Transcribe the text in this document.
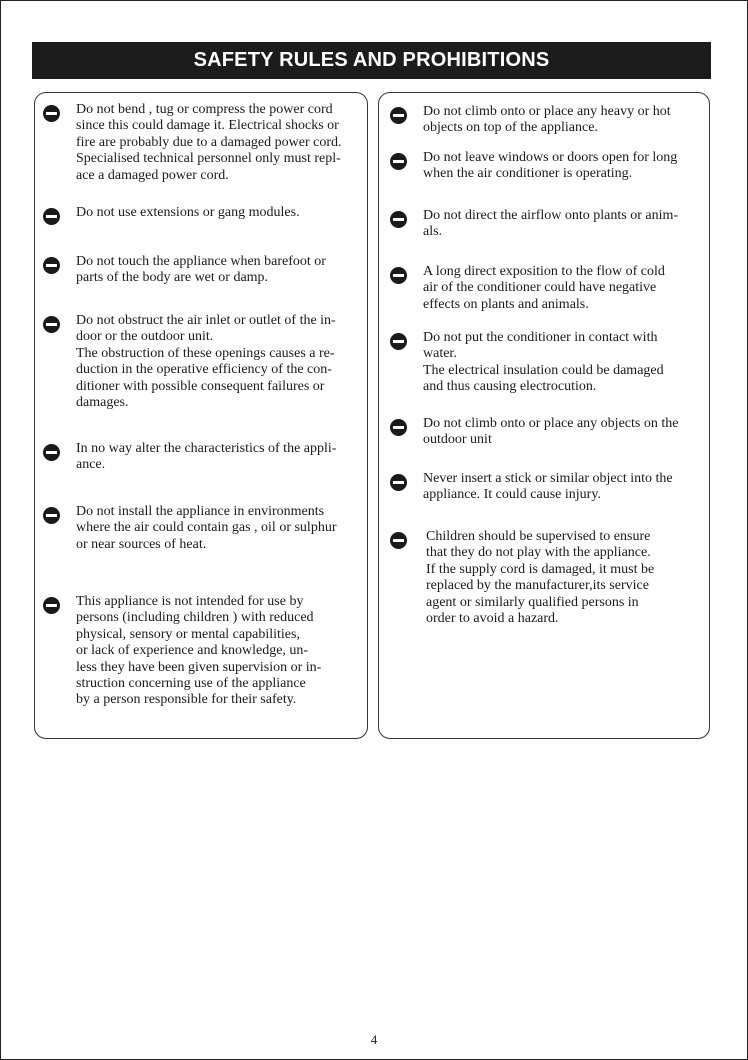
SAFETY RULES AND PROHIBITIONS
Do not bend , tug or compress the power cord
since this could damage it. Electrical shocks or
fire are probably due to a damaged power cord.
Specialised technical personnel only must repl-
ace a damaged power cord.
Do not use extensions or gang modules.
Do not touch the appliance when barefoot or
parts of the body are wet or damp.
Do not obstruct the air inlet or outlet of the in-
door or the outdoor unit.
The obstruction of these openings causes a re-
duction in the operative efficiency of the con-
ditioner with possible consequent failures or
damages.
In no way alter the characteristics of the appli-
ance.
Do not install the appliance in environments
where the air could contain gas , oil or sulphur
or near sources of heat.
This appliance is not intended for use by
persons (including children ) with reduced
physical, sensory or mental capabilities,
or lack of experience and knowledge, un-
less they have been given supervision or in-
struction concerning use of the appliance
by a person responsible for their safety.
Do not climb onto or place any heavy or hot
objects on top of the appliance.
Do not leave windows or doors open for long
when the air conditioner is operating.
Do not direct the airflow onto plants or anim-
als.
A long direct exposition to the flow of cold
air of the conditioner could have negative
effects on plants and animals.
Do not put the conditioner in contact with
water.
The electrical insulation could be damaged
and thus causing electrocution.
Do not climb onto or place any objects on the
outdoor unit
Never insert a stick or similar object into the
appliance. It could cause injury.
Children should be supervised to ensure
that they do not play with the appliance.
If the supply cord is damaged, it must be
replaced by the manufacturer,its service
agent or similarly qualified persons in
order to avoid a hazard.
4
